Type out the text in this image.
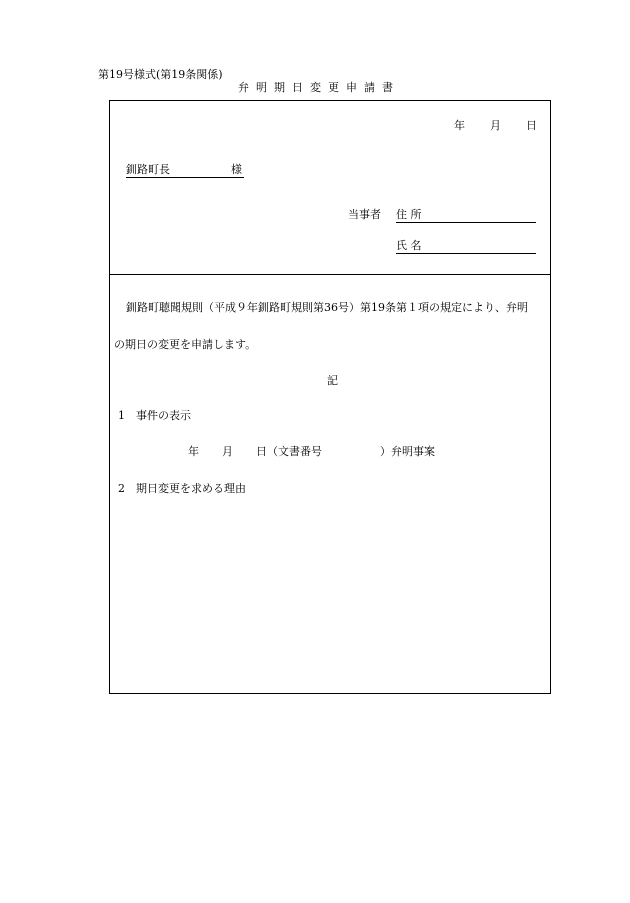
第19号様式(第19条関係)
弁明期日変更申請書
年 月 日
釧路町長	様
当事者 住 所
氏 名
釧路町聴聞規則（平成９年釧路町規則第36号）第19条第１項の規定により、弁明
の期日の変更を申請します。
記
1　事件の表示
年 月 日（文書番号	）弁明事案
2　期日変更を求める理由
